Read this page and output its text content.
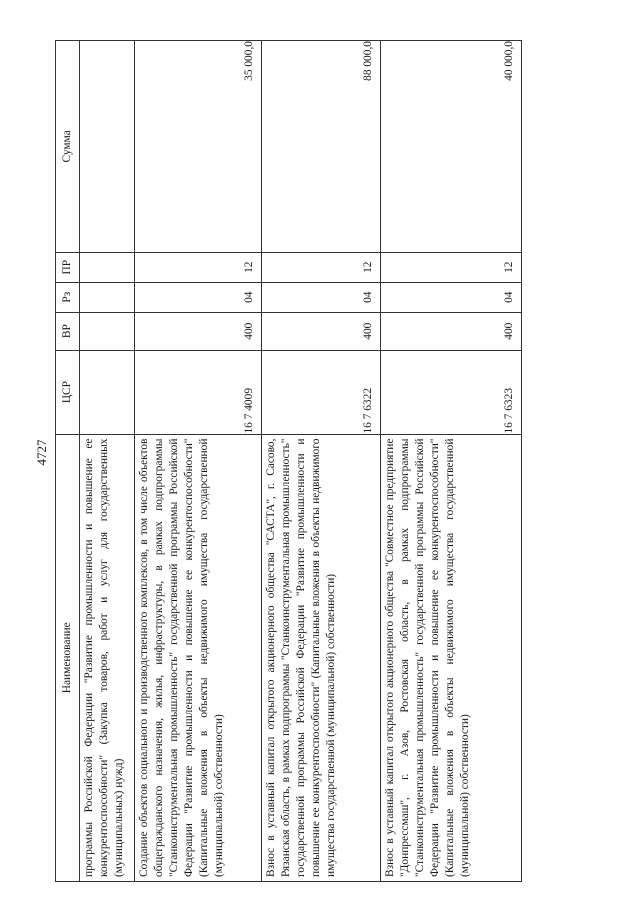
4727
Наименование	ЦСР	ВР	Рз	ПР	Сумма
программы Российской Федерации "Развитие промышленности и повышение ее конкурентоспособности" (Закупка товаров, работ и услуг для государственных (муниципальных) нужд)					
Создание объектов социального и производственного комплексов, в том числе объектов общегражданского назначения, жилья, инфраструктуры, в рамках подпрограммы "Станкоинструментальная промышленность" государственной программы Российской Федерации "Развитие промышленности и повышение ее конкурентоспособности" (Капитальные вложения в объекты недвижимого имущества государственной (муниципальной) собственности)	16 7 4009	400	04	12	35 000,0
Взнос в уставный капитал открытого акционерного общества "САСТА", г. Сасово, Рязанская область, в рамках подпрограммы "Станкоинструментальная промышленность" государственной программы Российской Федерации "Развитие промышленности и повышение ее конкурентоспособности" (Капитальные вложения в объекты недвижимого имущества государственной (муниципальной) собственности)	16 7 6322	400	04	12	88 000,0
Взнос в уставный капитал открытого акционерного общества "Совместное предприятие "Донпрессмаш", г. Азов, Ростовская область, в рамках подпрограммы "Станкоинструментальная промышленность" государственной программы Российской Федерации "Развитие промышленности и повышение ее конкурентоспособности" (Капитальные вложения в объекты недвижимого имущества государственной (муниципальной) собственности)	16 7 6323	400	04	12	40 000,0
